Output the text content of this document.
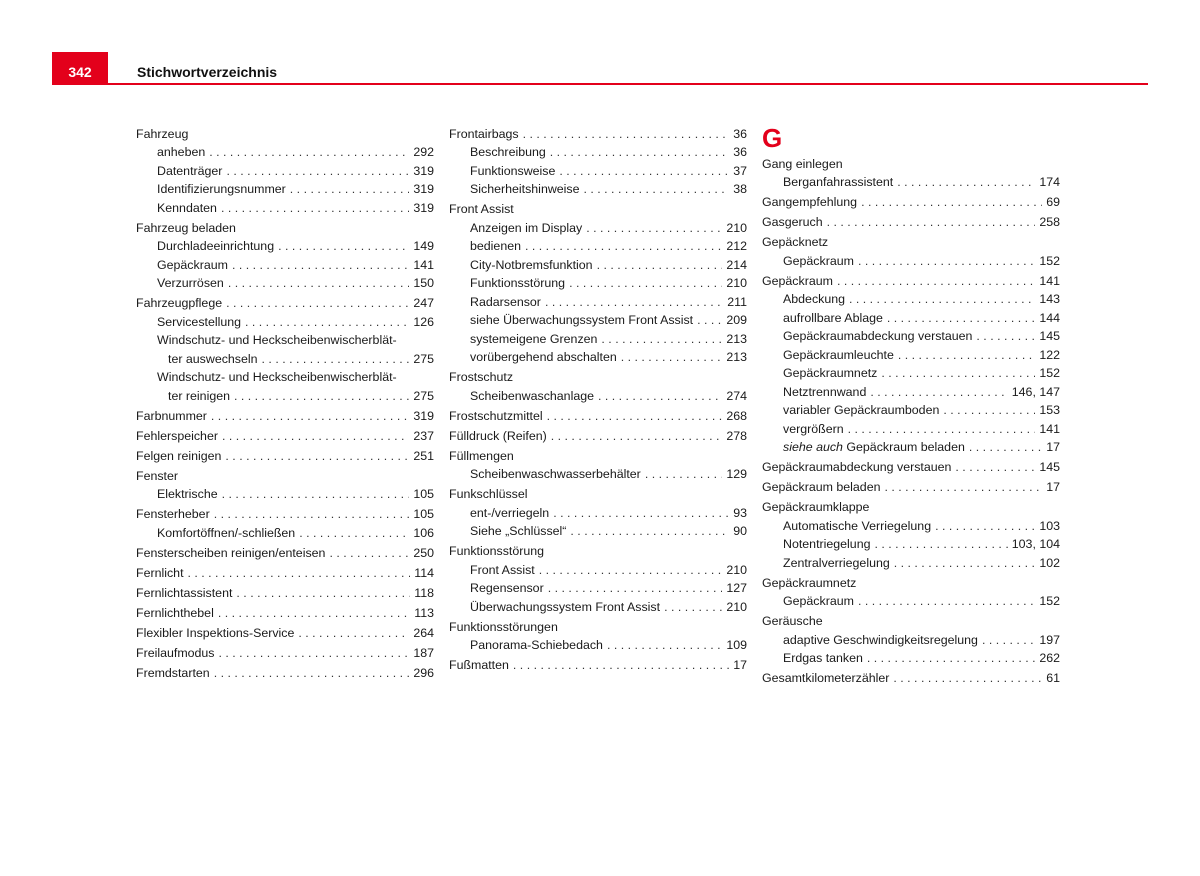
342	Stichwortverzeichnis
Fahrzeug
anheben . . .	292
Datenträger . . .	319
Identifizierungsnummer . . .	319
Kenndaten . . .	319
Fahrzeug beladen
Durchladeeinrichtung . . .	149
Gepäckraum . . .	141
Verzurrösen . . .	150
Fahrzeugpflege . . .	247
Servicestellung . . .	126
Windschutz- und Heckscheibenwischerblät-
ter auswechseln . . .	275
Windschutz- und Heckscheibenwischerblät-
ter reinigen . . .	275
Farbnummer . . .	319
Fehlerspeicher . . .	237
Felgen reinigen . . .	251
Fenster
Elektrische . . .	105
Fensterheber . . .	105
Komfortöffnen/-schließen . . .	106
Fensterscheiben reinigen/enteisen . . .	250
Fernlicht . . .	114
Fernlichtassistent . . .	118
Fernlichthebel . . .	113
Flexibler Inspektions-Service . . .	264
Freilaufmodus . . .	187
Fremdstarten . . .	296
Frontairbags . . .	36
Beschreibung . . .	36
Funktionsweise . . .	37
Sicherheitshinweise . . .	38
Front Assist
Anzeigen im Display . . .	210
bedienen . . .	212
City-Notbremsfunktion . . .	214
Funktionsstörung . . .	210
Radarsensor . . .	211
siehe Überwachungssystem Front Assist . . .	209
systemeigene Grenzen . . .	213
vorübergehend abschalten . . .	213
Frostschutz
Scheibenwaschanlage . . .	274
Frostschutzmittel . . .	268
Fülldruck (Reifen) . . .	278
Füllmengen
Scheibenwaschwasserbehälter . . .	129
Funkschlüssel
ent-/verriegeln . . .	93
Siehe „Schlüssel“ . . .	90
Funktionsstörung
Front Assist . . .	210
Regensensor . . .	127
Überwachungssystem Front Assist . . .	210
Funktionsstörungen
Panorama-Schiebedach . . .	109
Fußmatten . . .	17
G
Gang einlegen
Berganfahrassistent . . .	174
Gangempfehlung . . .	69
Gasgeruch . . .	258
Gepäcknetz
Gepäckraum . . .	152
Gepäckraum . . .	141
Abdeckung . . .	143
aufrollbare Ablage . . .	144
Gepäckraumabdeckung verstauen . . .	145
Gepäckraumleuchte . . .	122
Gepäckraumnetz . . .	152
Netztrennwand . . .	146, 147
variabler Gepäckraumboden . . .	153
vergrößern . . .	141
siehe auch Gepäckraum beladen . . .	17
Gepäckraumabdeckung verstauen . . .	145
Gepäckraum beladen . . .	17
Gepäckraumklappe
Automatische Verriegelung . . .	103
Notentriegelung . . .	103, 104
Zentralverriegelung . . .	102
Gepäckraumnetz
Gepäckraum . . .	152
Geräusche
adaptive Geschwindigkeitsregelung . . .	197
Erdgas tanken . . .	262
Gesamtkilometerzähler . . .	61
